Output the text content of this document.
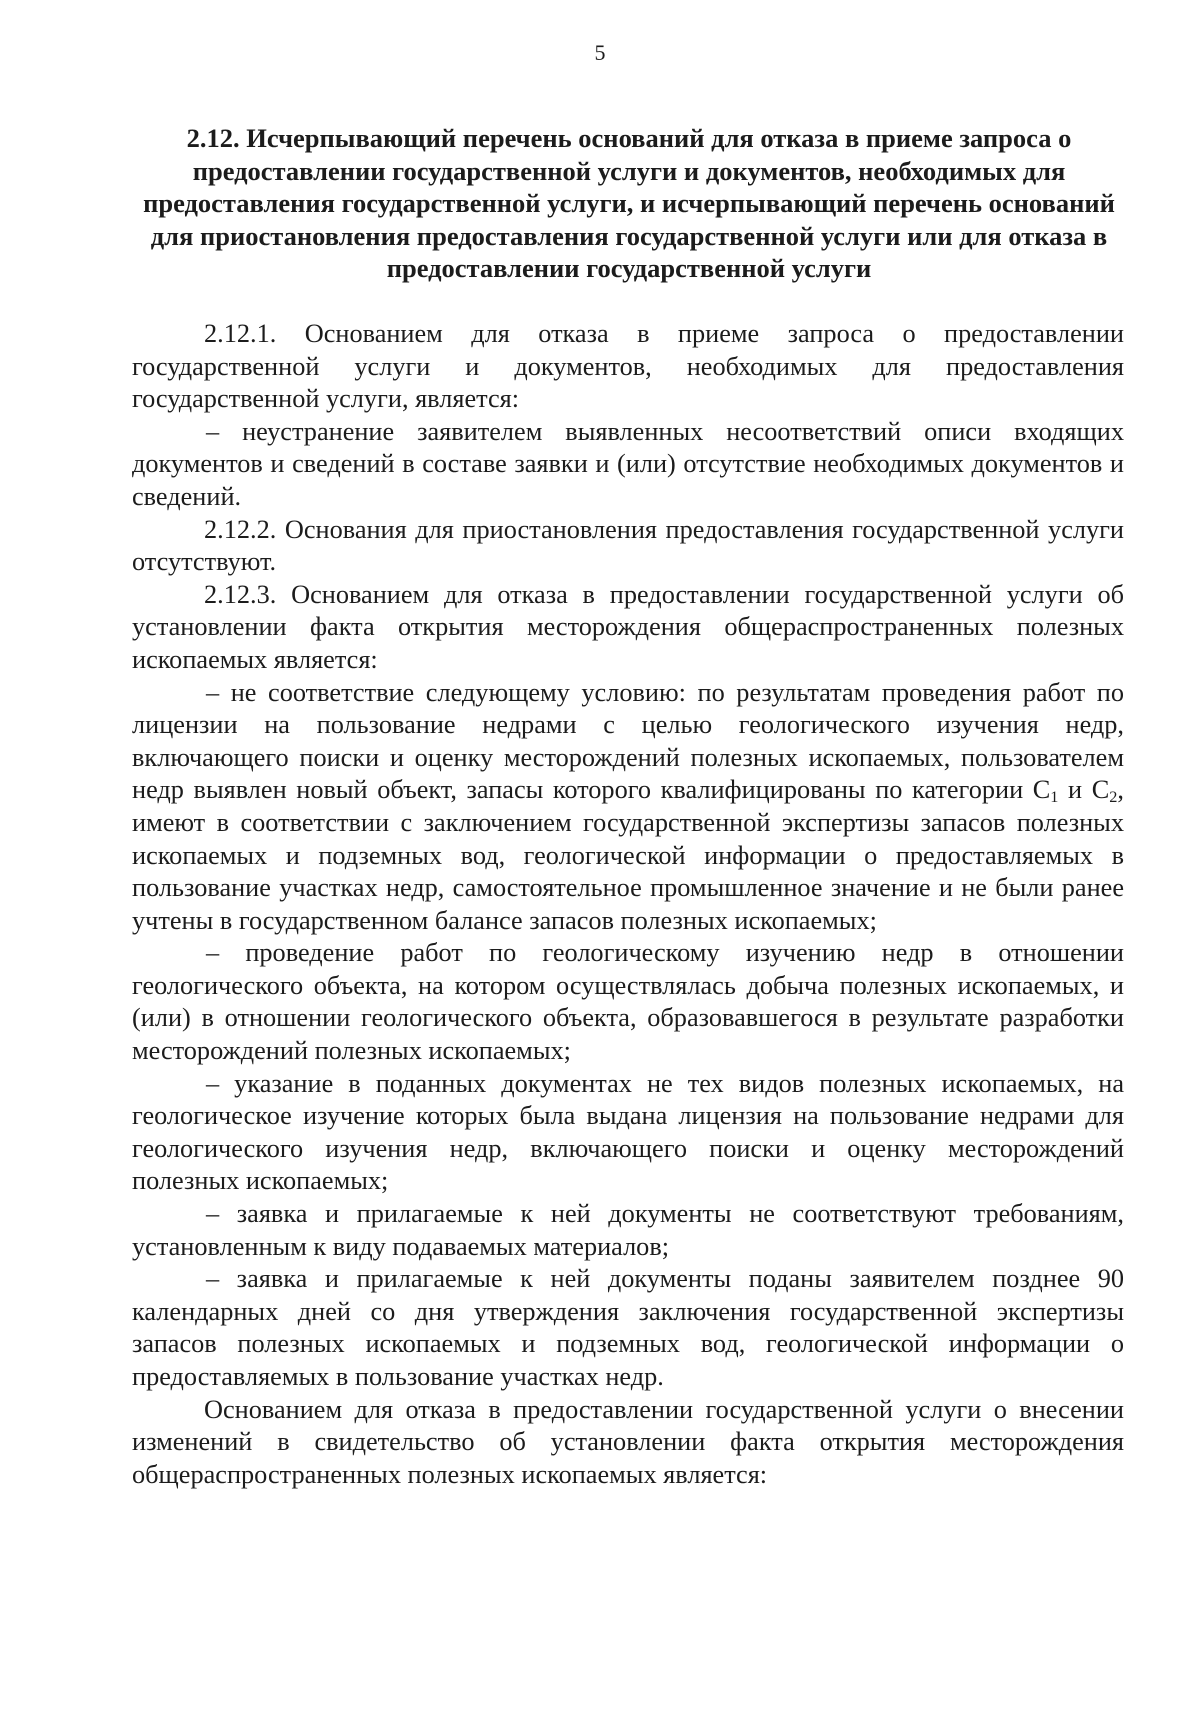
5
2.12. Исчерпывающий перечень оснований для отказа в приеме запроса о предоставлении государственной услуги и документов, необходимых для предоставления государственной услуги, и исчерпывающий перечень оснований для приостановления предоставления государственной услуги или для отказа в предоставлении государственной услуги

2.12.1. Основанием для отказа в приеме запроса о предоставлении государственной услуги и документов, необходимых для предоставления государственной услуги, является:

– неустранение заявителем выявленных несоответствий описи входящих документов и сведений в составе заявки и (или) отсутствие необходимых документов и сведений.

2.12.2. Основания для приостановления предоставления государственной услуги отсутствуют.

2.12.3. Основанием для отказа в предоставлении государственной услуги об установлении факта открытия месторождения общераспространенных полезных ископаемых является:

– не соответствие следующему условию: по результатам проведения работ по лицензии на пользование недрами с целью геологического изучения недр, включающего поиски и оценку месторождений полезных ископаемых, пользователем недр выявлен новый объект, запасы которого квалифицированы по категории $С_1$ и $С_2$, имеют в соответствии с заключением государственной экспертизы запасов полезных ископаемых и подземных вод, геологической информации о предоставляемых в пользование участках недр, самостоятельное промышленное значение и не были ранее учтены в государственном балансе запасов полезных ископаемых;

– проведение работ по геологическому изучению недр в отношении геологического объекта, на котором осуществлялась добыча полезных ископаемых, и (или) в отношении геологического объекта, образовавшегося в результате разработки месторождений полезных ископаемых;

– указание в поданных документах не тех видов полезных ископаемых, на геологическое изучение которых была выдана лицензия на пользование недрами для геологического изучения недр, включающего поиски и оценку месторождений полезных ископаемых;

– заявка и прилагаемые к ней документы не соответствуют требованиям, установленным к виду подаваемых материалов;

– заявка и прилагаемые к ней документы поданы заявителем позднее 90 календарных дней со дня утверждения заключения государственной экспертизы запасов полезных ископаемых и подземных вод, геологической информации о предоставляемых в пользование участках недр.

Основанием для отказа в предоставлении государственной услуги о внесении изменений в свидетельство об установлении факта открытия месторождения общераспространенных полезных ископаемых является:
